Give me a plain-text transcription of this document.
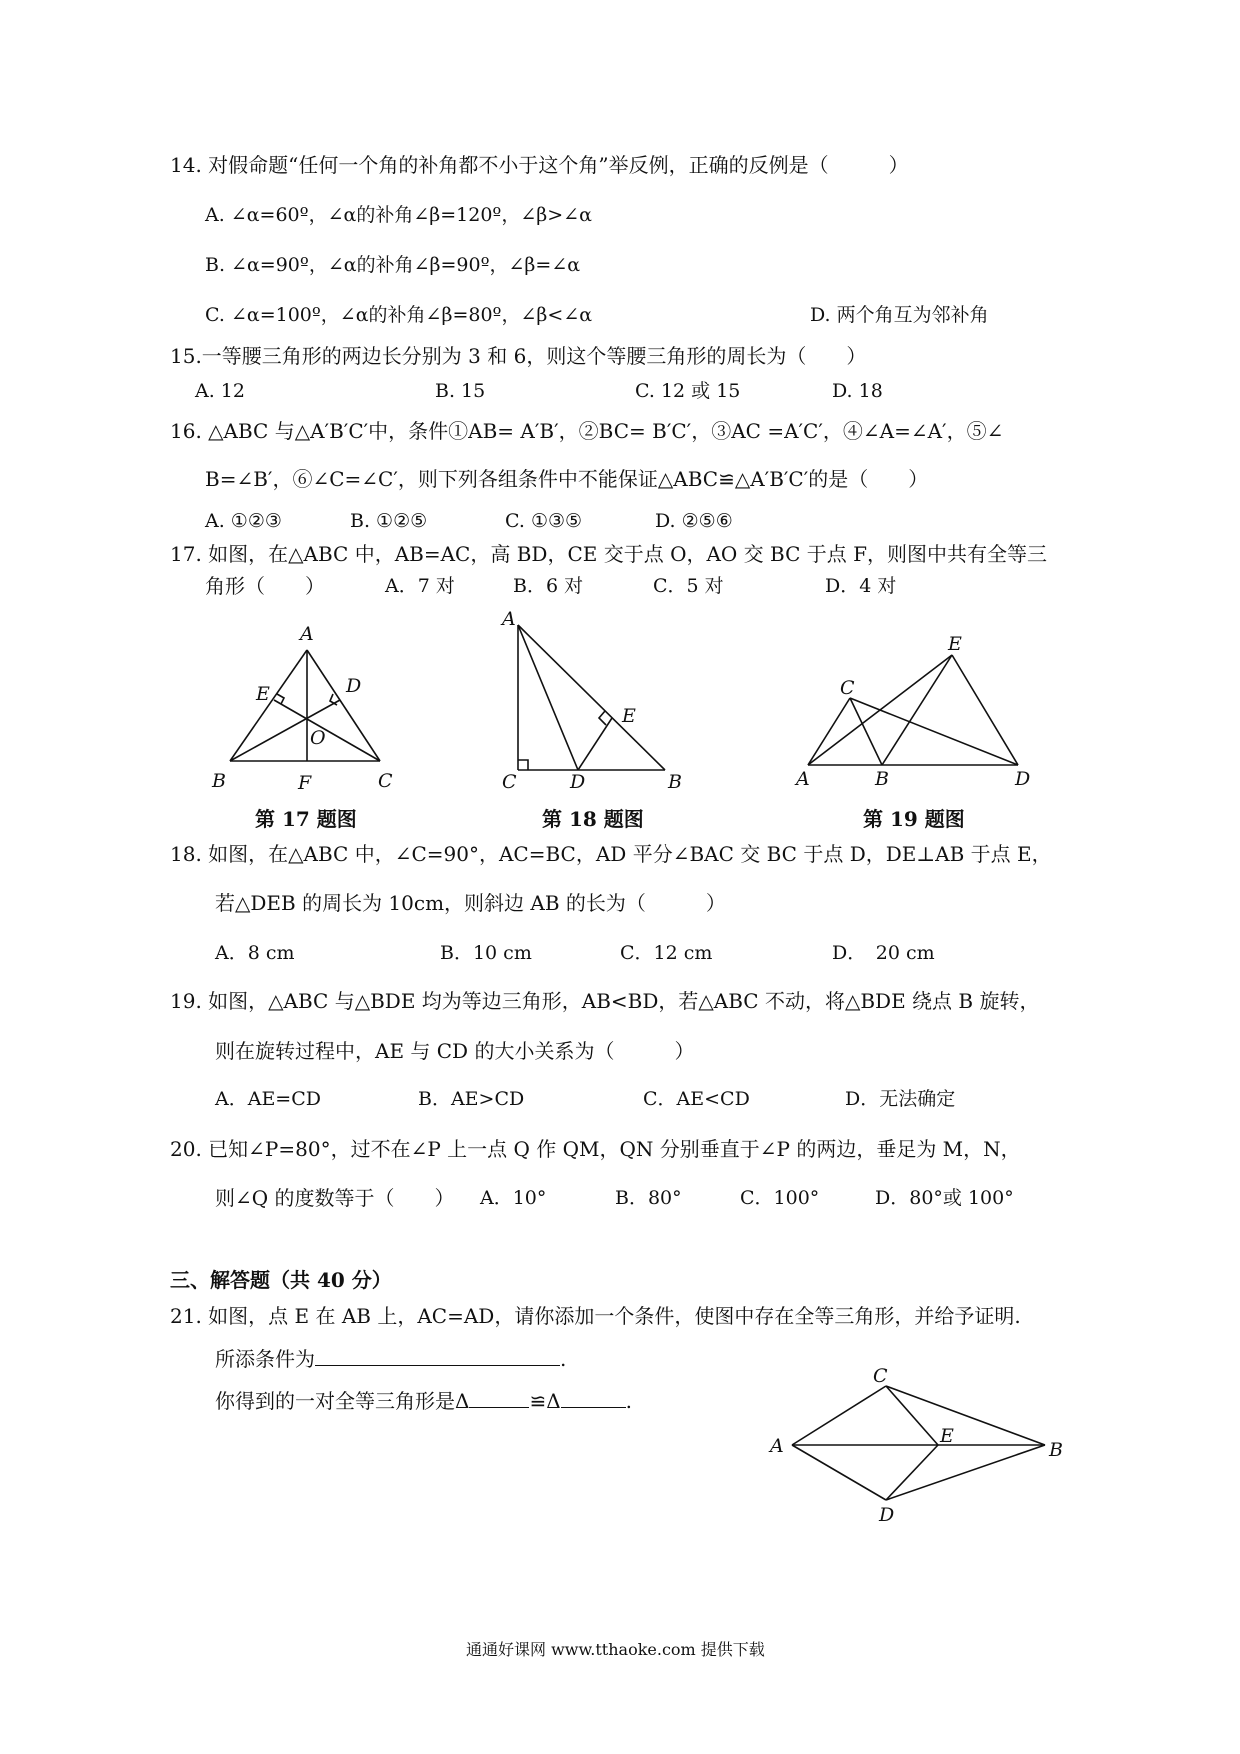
14. 对假命题“任何一个角的补角都不小于这个角”举反例，正确的反例是（　　　）
A. ∠α=60º，∠α的补角∠β=120º，∠β>∠α
B. ∠α=90º，∠α的补角∠β=90º，∠β=∠α
C. ∠α=100º，∠α的补角∠β=80º，∠β<∠α	D. 两个角互为邻补角
15.一等腰三角形的两边长分别为 3 和 6，则这个等腰三角形的周长为（　　）
A. 12	B. 15	C. 12 或 15	D. 18
16. △ABC 与△A′B′C′中，条件①AB= A′B′，②BC= B′C′，③AC =A′C′，④∠A=∠A′，⑤∠
B=∠B′，⑥∠C=∠C′，则下列各组条件中不能保证△ABC≌△A′B′C′的是（　　）
A. ①②③	B. ①②⑤	C. ①③⑤	D. ②⑤⑥
17. 如图，在△ABC 中，AB=AC，高 BD，CE 交于点 O，AO 交 BC 于点 F，则图中共有全等三
角形（　　）	A．7 对	B．6 对	C．5 对	D．4 对
A
B	C
D
E
F
O
A
B
C	D
E
A	B
C
D
E
第 17 题图	第 18 题图	第 19 题图
18. 如图，在△ABC 中，∠C=90°，AC=BC，AD 平分∠BAC 交 BC 于点 D，DE⊥AB 于点 E，
若△DEB 的周长为 10cm，则斜边 AB 的长为（　　　）
A．8 cm	B．10 cm	C．12 cm	D．　20 cm
19. 如图，△ABC 与△BDE 均为等边三角形，AB<BD，若△ABC 不动，将△BDE 绕点 B 旋转，
则在旋转过程中，AE 与 CD 的大小关系为（　　　）
A．AE=CD	B．AE>CD	C．AE<CD	D．无法确定
20. 已知∠P=80°，过不在∠P 上一点 Q 作 QM，QN 分别垂直于∠P 的两边，垂足为 M，N，
则∠Q 的度数等于（　　） A．10°	B．80°	C．100°	D．80°或 100°
三、解答题（共 40 分）
21. 如图，点 E 在 AB 上，AC=AD，请你添加一个条件，使图中存在全等三角形，并给予证明.
所添条件为	.
你得到的一对全等三角形是Δ	≌Δ	.
A	B
C
D
E
通通好课网 www.tthaoke.com 提供下载
